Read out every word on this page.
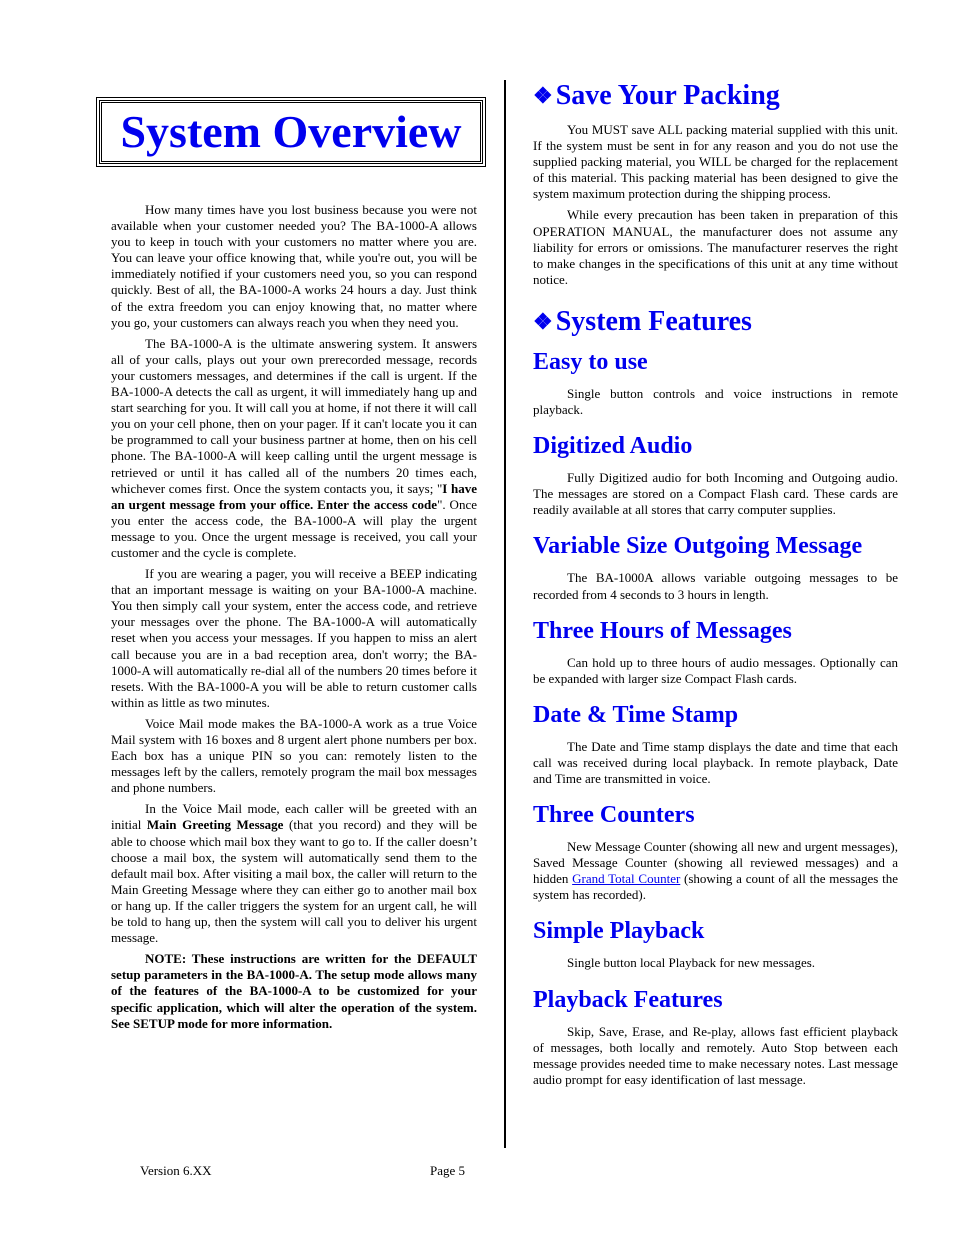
System Overview

How many times have you lost business because you were not available when your customer needed you? The BA-1000-A allows you to keep in touch with your customers no matter where you are. You can leave your office knowing that, while you're out, you will be immediately notified if your customers need you, so you can respond quickly. Best of all, the BA-1000-A works 24 hours a day. Just think of the extra freedom you can enjoy knowing that, no matter where you go, your customers can always reach you when they need you.

The BA-1000-A is the ultimate answering system. It answers all of your calls, plays out your own prerecorded message, records your customers messages, and determines if the call is urgent. If the BA-1000-A detects the call as urgent, it will immediately hang up and start searching for you. It will call you at home, if not there it will call you on your cell phone, then on your pager. If it can't locate you it can be programmed to call your business partner at home, then on his cell phone. The BA-1000-A will keep calling until the urgent message is retrieved or until it has called all of the numbers 20 times each, whichever comes first. Once the system contacts you, it says; "I have an urgent message from your office. Enter the access code". Once you enter the access code, the BA-1000-A will play the urgent message to you. Once the urgent message is received, you call your customer and the cycle is complete.

If you are wearing a pager, you will receive a BEEP indicating that an important message is waiting on your BA-1000-A machine. You then simply call your system, enter the access code, and retrieve your messages over the phone. The BA-1000-A will automatically reset when you access your messages. If you happen to miss an alert call because you are in a bad reception area, don't worry; the BA-1000-A will automatically re-dial all of the numbers 20 times before it resets. With the BA-1000-A you will be able to return customer calls within as little as two minutes.

Voice Mail mode makes the BA-1000-A work as a true Voice Mail system with 16 boxes and 8 urgent alert phone numbers per box. Each box has a unique PIN so you can: remotely listen to the messages left by the callers, remotely program the mail box messages and phone numbers.

In the Voice Mail mode, each caller will be greeted with an initial Main Greeting Message (that you record) and they will be able to choose which mail box they want to go to. If the caller doesn’t choose a mail box, the system will automatically send them to the default mail box. After visiting a mail box, the caller will return to the Main Greeting Message where they can either go to another mail box or hang up. If the caller triggers the system for an urgent call, he will be told to hang up, then the system will call you to deliver his urgent message.

NOTE: These instructions are written for the DEFAULT setup parameters in the BA-1000-A. The setup mode allows many of the features of the BA-1000-A to be customized for your specific application, which will alter the operation of the system. See SETUP mode for more information.

❖ Save Your Packing

You MUST save ALL packing material supplied with this unit. If the system must be sent in for any reason and you do not use the supplied packing material, you WILL be charged for the replacement of this material. This packing material has been designed to give the system maximum protection during the shipping process.

While every precaution has been taken in preparation of this OPERATION MANUAL, the manufacturer does not assume any liability for errors or omissions. The manufacturer reserves the right to make changes in the specifications of this unit at any time without notice.

❖ System Features
Easy to use

Single button controls and voice instructions in remote playback.

Digitized Audio

Fully Digitized audio for both Incoming and Outgoing audio. The messages are stored on a Compact Flash card. These cards are readily available at all stores that carry computer supplies.

Variable Size Outgoing Message

The BA-1000A allows variable outgoing messages to be recorded from 4 seconds to 3 hours in length.

Three Hours of Messages

Can hold up to three hours of audio messages. Optionally can be expanded with larger size Compact Flash cards.

Date & Time Stamp

The Date and Time stamp displays the date and time that each call was received during local playback. In remote playback, Date and Time are transmitted in voice.

Three Counters

New Message Counter (showing all new and urgent messages), Saved Message Counter (showing all reviewed messages) and a hidden Grand Total Counter (showing a count of all the messages the system has recorded).

Simple Playback

Single button local Playback for new messages.

Playback Features

Skip, Save, Erase, and Re-play, allows fast efficient playback of messages, both locally and remotely. Auto Stop between each message provides needed time to make necessary notes. Last message audio prompt for easy identification of last message.

Version 6.XX	Page 5
